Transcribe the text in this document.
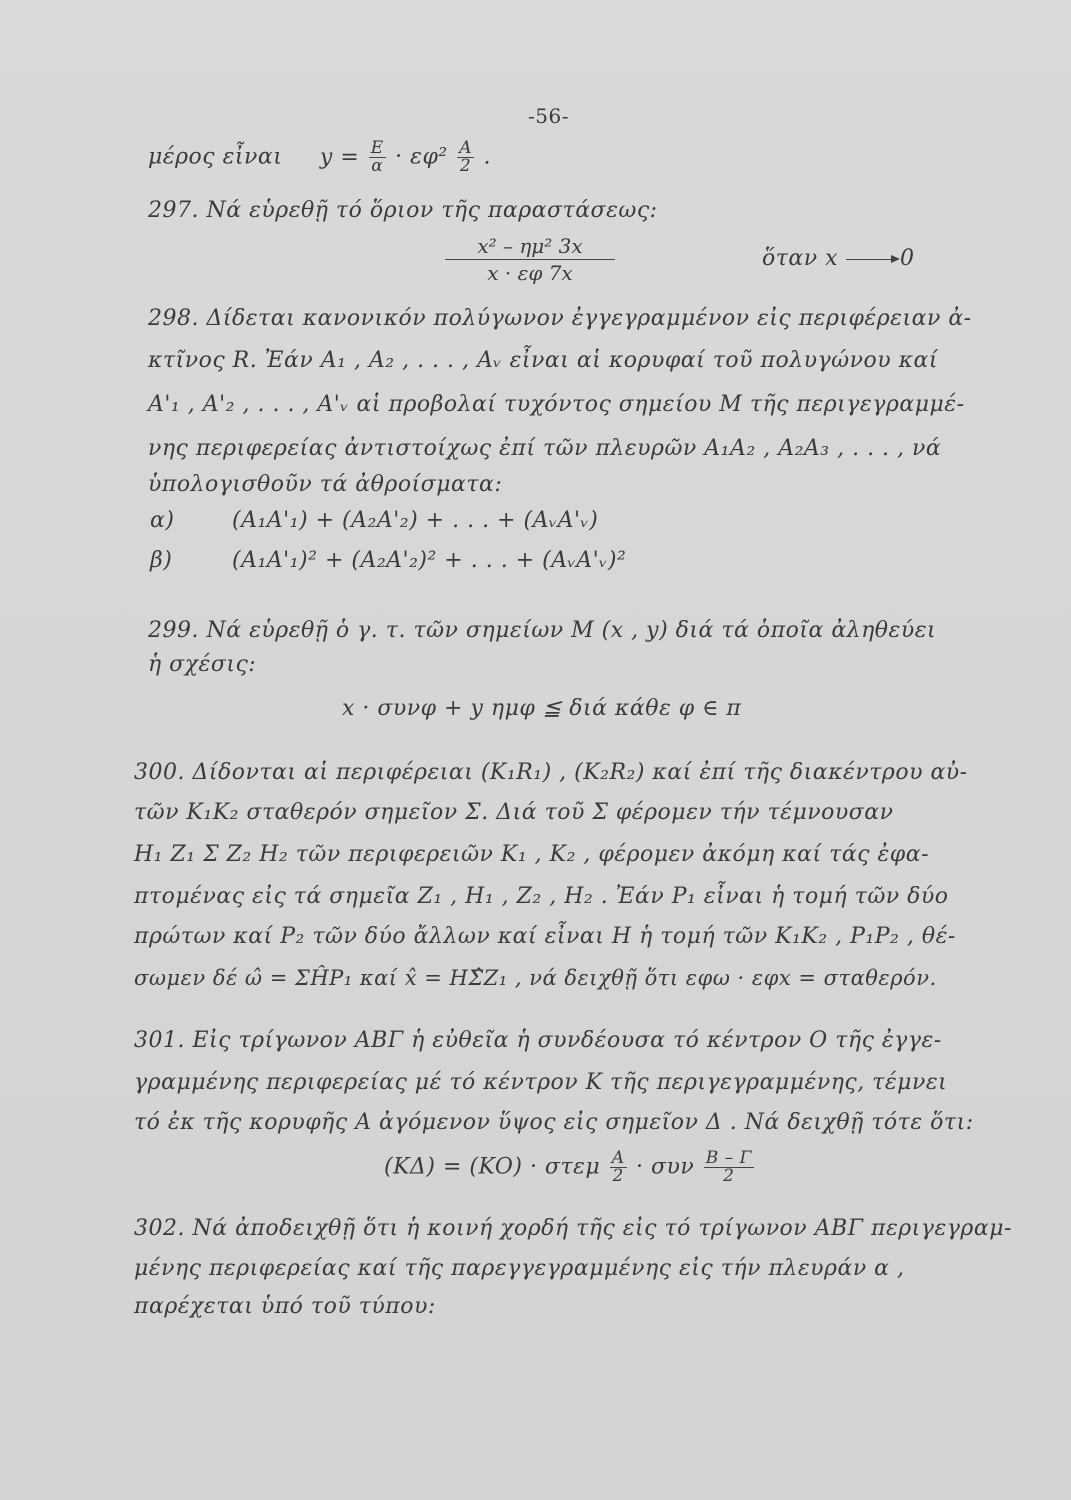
-56-
μέρος εἶναι $y = \frac{E}{\alpha} \cdot \varepsilon\varphi^2 \frac{A}{2}$ .
297. Νά εὑρεθῇ τό ὅριον τῆς παραστάσεως:
$\frac{\text{x² – ημ² 3x}}{x \cdot \varepsilon\varphi 7x}$	ὅταν x	0
298. Δίδεται κανονικόν πολύγωνον ἐγγεγραμμένον εἰς περιφέρειαν ἀ-
κτῖνος R. Ἐάν A₁ , A₂ , . . . , Aᵥ εἶναι αἱ κορυφαί τοῦ πολυγώνου καί
A'₁ , A'₂ , . . . , A'ᵥ αἱ προβολαί τυχόντος σημείου M τῆς περιγεγραμμέ-
νης περιφερείας ἀντιστοίχως ἐπί τῶν πλευρῶν A₁A₂ , A₂A₃ , . . . , νά
ὑπολογισθοῦν τά ἀθροίσματα:
α)	(A₁A'₁) + (A₂A'₂) + . . . + (AᵥA'ᵥ)
β)	(A₁A'₁)² + (A₂A'₂)² + . . . + (AᵥA'ᵥ)²
299. Νά εὑρεθῇ ὁ γ. τ. τῶν σημείων M (x , y) διά τά ὁποῖα ἀληθεύει
ἡ σχέσις:
x · συνφ + y ημφ ≦ διά κάθε φ ∈ π
300. Δίδονται αἱ περιφέρειαι (K₁R₁) , (K₂R₂) καί ἐπί τῆς διακέντρου αὐ-
τῶν K₁K₂ σταθερόν σημεῖον Σ. Διά τοῦ Σ φέρομεν τήν τέμνουσαν
H₁ Z₁ Σ Z₂ H₂ τῶν περιφερειῶν K₁ , K₂ , φέρομεν ἀκόμη καί τάς ἐφα-
πτομένας εἰς τά σημεῖα Z₁ , H₁ , Z₂ , H₂ . Ἐάν P₁ εἶναι ἡ τομή τῶν δύο
πρώτων καί P₂ τῶν δύο ἄλλων καί εἶναι H ἡ τομή τῶν K₁K₂ , P₁P₂ , θέ-
σωμεν δέ ω̂ = ΣĤP₁ καί x̂ = HΣ̂Z₁ , νά δειχθῇ ὅτι εφω · εφx = σταθερόν.
301. Εἰς τρίγωνον ΑΒΓ ἡ εὐθεῖα ἡ συνδέουσα τό κέντρον O τῆς ἐγγε-
γραμμένης περιφερείας μέ τό κέντρον K τῆς περιγεγραμμένης, τέμνει
τό ἐκ τῆς κορυφῆς A ἀγόμενον ὕψος εἰς σημεῖον Δ . Νά δειχθῇ τότε ὅτι:
(KΔ) = (KO) · στεμ $\frac{A}{2} \cdot \sigma\upsilon\nu \frac{B - \Gamma}{2}$
302. Νά ἀποδειχθῇ ὅτι ἡ κοινή χορδή τῆς εἰς τό τρίγωνον ΑΒΓ περιγεγραμ-
μένης περιφερείας καί τῆς παρεγγεγραμμένης εἰς τήν πλευράν α ,
παρέχεται ὑπό τοῦ τύπου:
